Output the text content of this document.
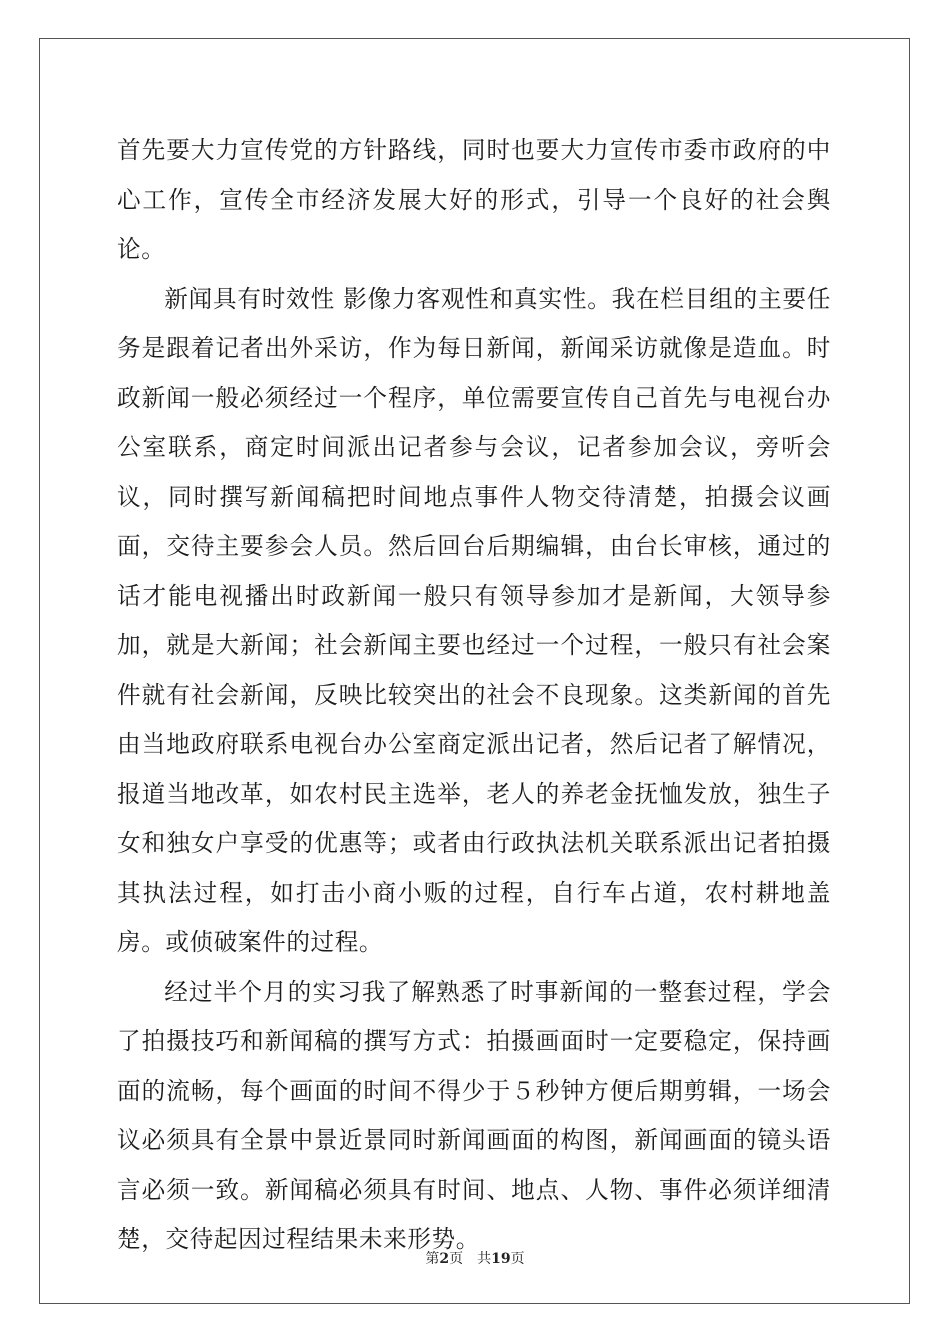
首先要大力宣传党的方针路线，同时也要大力宣传市委市政府的中心工作，宣传全市经济发展大好的形式，引导一个良好的社会舆论。

新闻具有时效性 影像力客观性和真实性。我在栏目组的主要任务是跟着记者出外采访，作为每日新闻，新闻采访就像是造血。时政新闻一般必须经过一个程序，单位需要宣传自己首先与电视台办公室联系，商定时间派出记者参与会议，记者参加会议，旁听会议，同时撰写新闻稿把时间地点事件人物交待清楚，拍摄会议画面，交待主要参会人员。然后回台后期编辑，由台长审核，通过的话才能电视播出时政新闻一般只有领导参加才是新闻，大领导参加，就是大新闻；社会新闻主要也经过一个过程，一般只有社会案件就有社会新闻，反映比较突出的社会不良现象。这类新闻的首先由当地政府联系电视台办公室商定派出记者，然后记者了解情况，报道当地改革，如农村民主选举，老人的养老金抚恤发放，独生子女和独女户享受的优惠等；或者由行政执法机关联系派出记者拍摄其执法过程，如打击小商小贩的过程，自行车占道，农村耕地盖房。或侦破案件的过程。

经过半个月的实习我了解熟悉了时事新闻的一整套过程，学会了拍摄技巧和新闻稿的撰写方式：拍摄画面时一定要稳定，保持画面的流畅，每个画面的时间不得少于５秒钟方便后期剪辑，一场会议必须具有全景中景近景同时新闻画面的构图，新闻画面的镜头语言必须一致。新闻稿必须具有时间、地点、人物、事件必须详细清楚，交待起因过程结果未来形势。

第2页 共19页
